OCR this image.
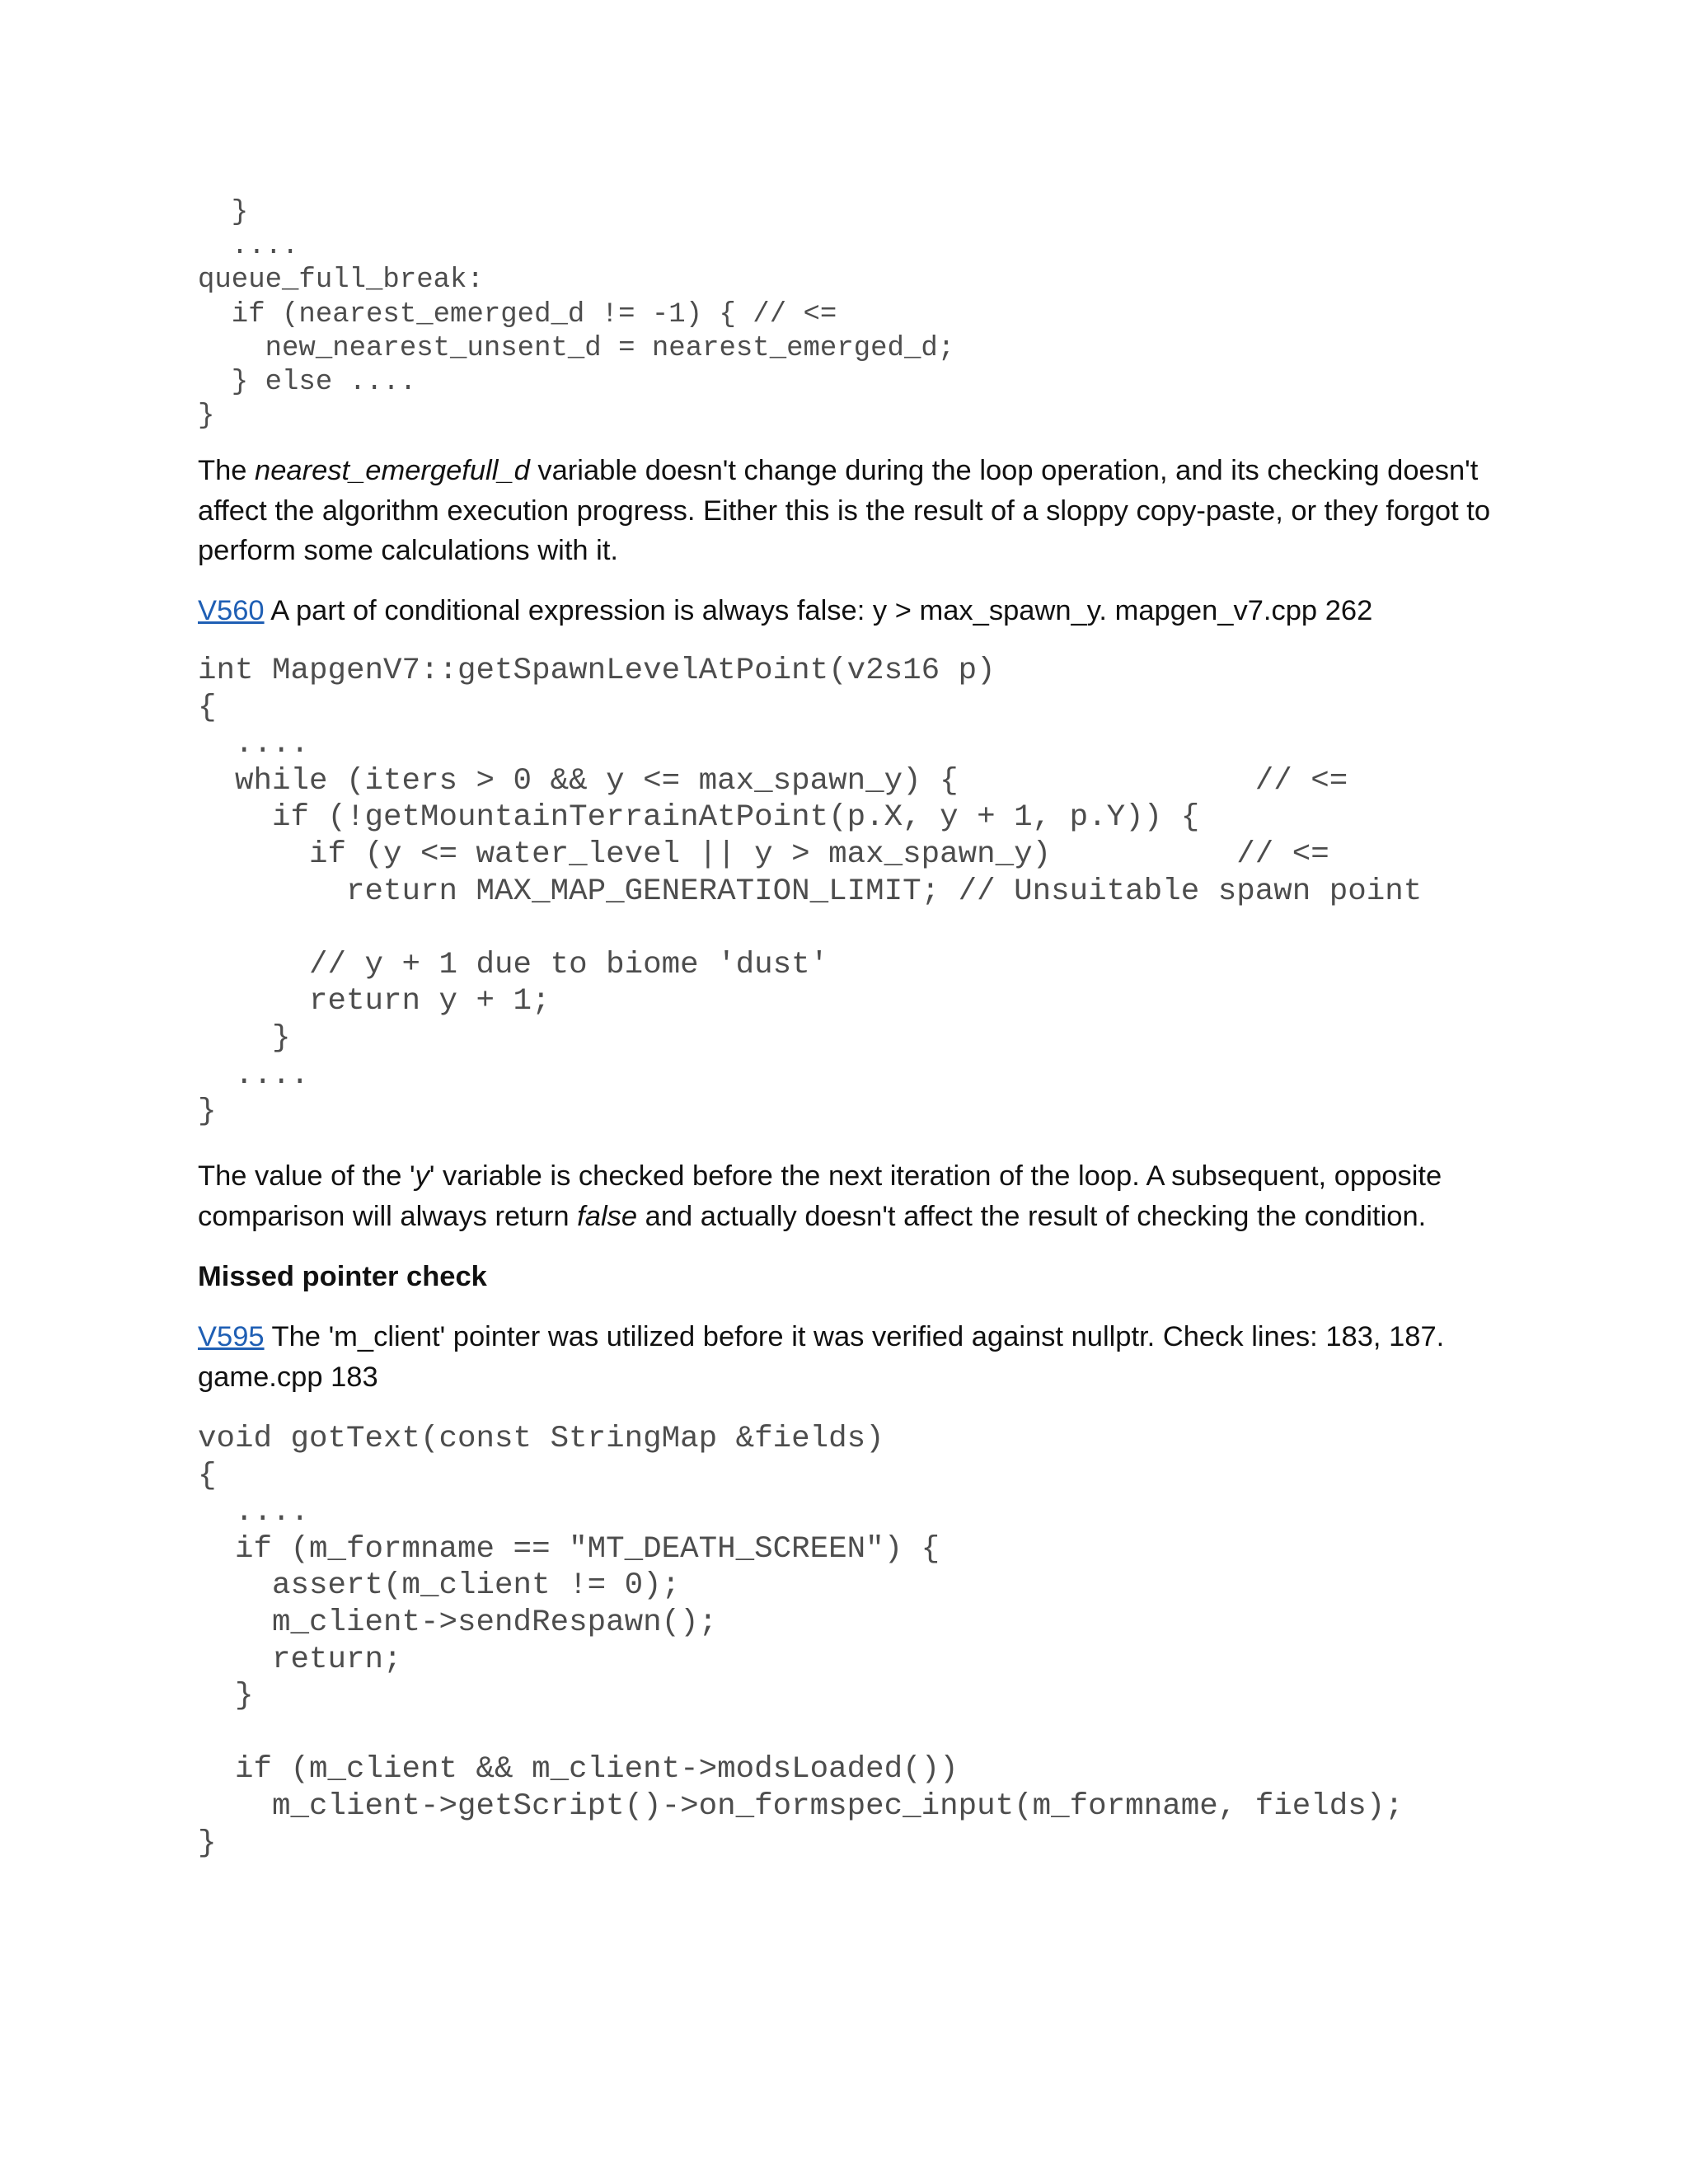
}
....
queue_full_break:
if (nearest_emerged_d != -1) { // <=
new_nearest_unsent_d = nearest_emerged_d;
} else ....
}

The nearest_emergefull_d variable doesn't change during the loop operation, and its checking doesn't affect the algorithm execution progress. Either this is the result of a sloppy copy-paste, or they forgot to perform some calculations with it.

V560 A part of conditional expression is always false: y > max_spawn_y. mapgen_v7.cpp 262

int MapgenV7::getSpawnLevelAtPoint(v2s16 p)
{
....
while (iters > 0 && y <= max_spawn_y) {                // <=
if (!getMountainTerrainAtPoint(p.X, y + 1, p.Y)) {
if (y <= water_level || y > max_spawn_y)          // <=
return MAX_MAP_GENERATION_LIMIT; // Unsuitable spawn point

// y + 1 due to biome 'dust'
return y + 1;
}
....
}

The value of the 'y' variable is checked before the next iteration of the loop. A subsequent, opposite comparison will always return false and actually doesn't affect the result of checking the condition.

Missed pointer check

V595 The 'm_client' pointer was utilized before it was verified against nullptr. Check lines: 183, 187. game.cpp 183

void gotText(const StringMap &fields)
{
....
if (m_formname == "MT_DEATH_SCREEN") {
assert(m_client != 0);
m_client->sendRespawn();
return;
}

if (m_client && m_client->modsLoaded())
m_client->getScript()->on_formspec_input(m_formname, fields);
}
